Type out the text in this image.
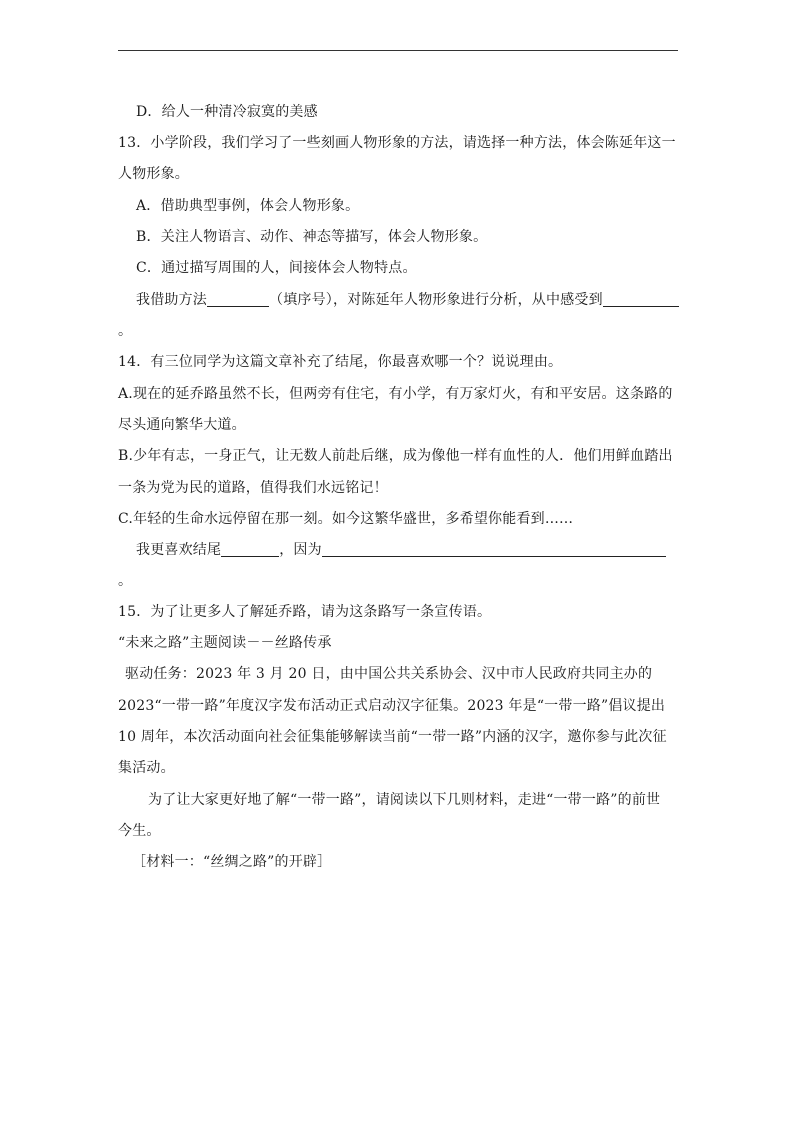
D．给人一种清冷寂寞的美感
13．小学阶段，我们学习了一些刻画人物形象的方法，请选择一种方法，体会陈延年这一
人物形象。
A．借助典型事例，体会人物形象。
B．关注人物语言、动作、神态等描写，体会人物形象。
C．通过描写周围的人，间接体会人物特点。
我借助方法	（填序号），对陈延年人物形象进行分析，从中感受到
。
14．有三位同学为这篇文章补充了结尾，你最喜欢哪一个？说说理由。
A.现在的延乔路虽然不长，但两旁有住宅，有小学，有万家灯火，有和平安居。这条路的
尽头通向繁华大道。
B.少年有志，一身正气，让无数人前赴后继，成为像他一样有血性的人．他们用鲜血踏出
一条为党为民的道路，值得我们水远铭记！
C.年轻的生命水远停留在那一刻。如今这繁华盛世，多希望你能看到……
我更喜欢结尾	，因为
。
15．为了让更多人了解延乔路，请为这条路写一条宣传语。
“未来之路”主题阅读－－丝路传承
驱动任务：2023 年 3 月 20 日，由中国公共关系协会、汉中市人民政府共同主办的
2023“一带一路”年度汉字发布活动正式启动汉字征集。2023 年是“一带一路”倡议提出
10 周年，本次活动面向社会征集能够解读当前“一带一路”内涵的汉字，邀你参与此次征
集活动。
为了让大家更好地了解“一带一路”，请阅读以下几则材料，走进“一带一路”的前世
今生。
［材料一：“丝绸之路”的开辟］
